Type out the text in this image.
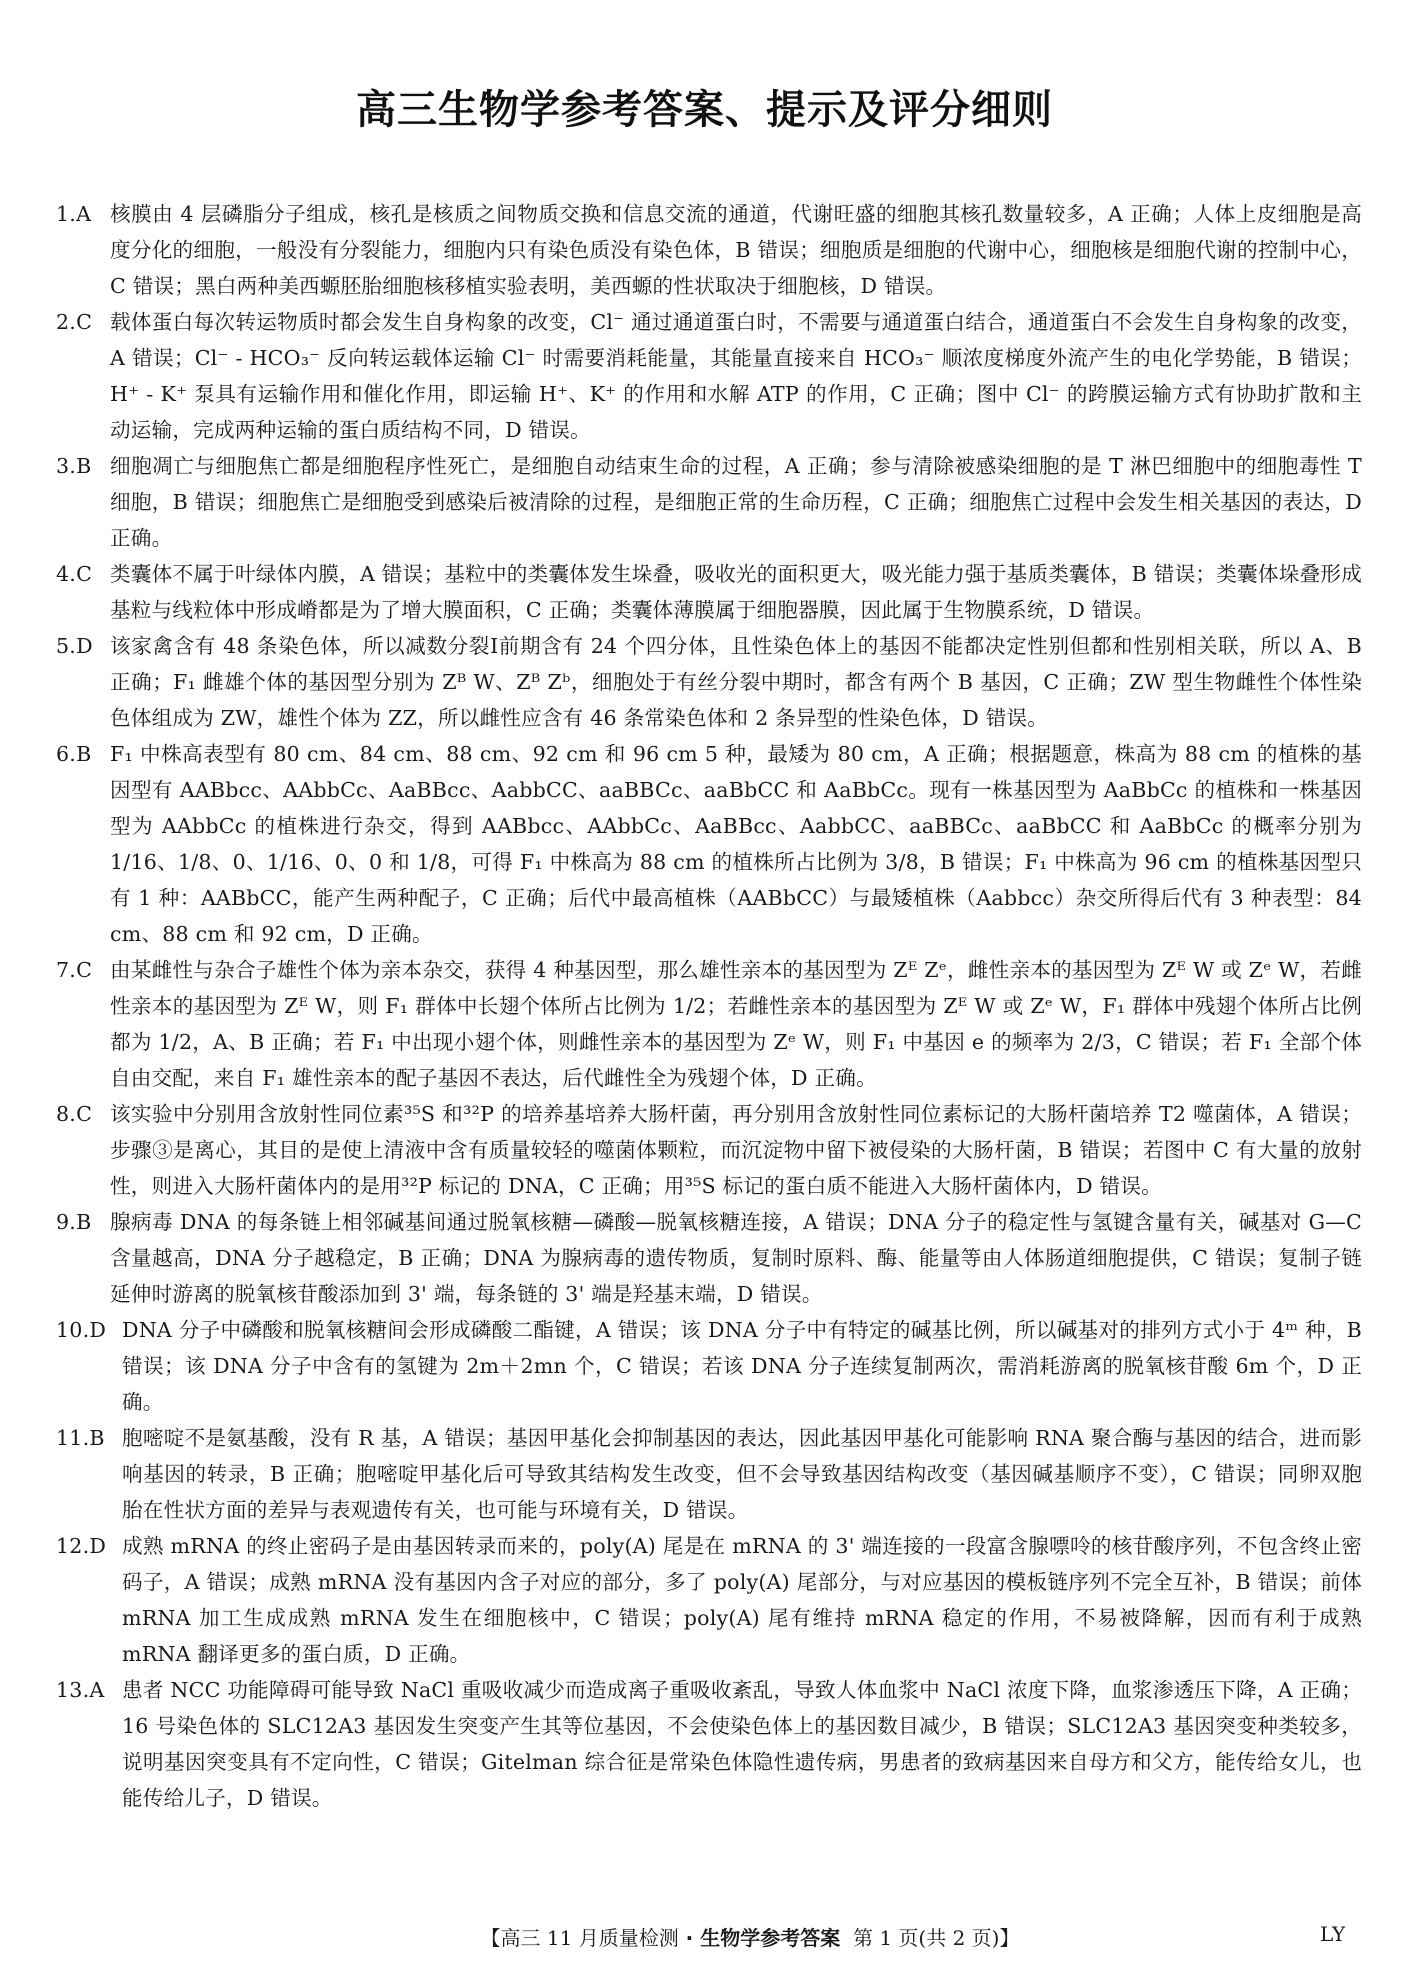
高三生物学参考答案、提示及评分细则
1.A 核膜由 4 层磷脂分子组成，核孔是核质之间物质交换和信息交流的通道，代谢旺盛的细胞其核孔数量较多，A 正确；人体上皮细胞是高度分化的细胞，一般没有分裂能力，细胞内只有染色质没有染色体，B 错误；细胞质是细胞的代谢中心，细胞核是细胞代谢的控制中心，C 错误；黑白两种美西螈胚胎细胞核移植实验表明，美西螈的性状取决于细胞核，D 错误。
2.C 载体蛋白每次转运物质时都会发生自身构象的改变，Cl⁻ 通过通道蛋白时，不需要与通道蛋白结合，通道蛋白不会发生自身构象的改变，A 错误；Cl⁻ - HCO₃⁻ 反向转运载体运输 Cl⁻ 时需要消耗能量，其能量直接来自 HCO₃⁻ 顺浓度梯度外流产生的电化学势能，B 错误；H⁺ - K⁺ 泵具有运输作用和催化作用，即运输 H⁺、K⁺ 的作用和水解 ATP 的作用，C 正确；图中 Cl⁻ 的跨膜运输方式有协助扩散和主动运输，完成两种运输的蛋白质结构不同，D 错误。
3.B 细胞凋亡与细胞焦亡都是细胞程序性死亡，是细胞自动结束生命的过程，A 正确；参与清除被感染细胞的是 T 淋巴细胞中的细胞毒性 T 细胞，B 错误；细胞焦亡是细胞受到感染后被清除的过程，是细胞正常的生命历程，C 正确；细胞焦亡过程中会发生相关基因的表达，D 正确。
4.C 类囊体不属于叶绿体内膜，A 错误；基粒中的类囊体发生垛叠，吸收光的面积更大，吸光能力强于基质类囊体，B 错误；类囊体垛叠形成基粒与线粒体中形成嵴都是为了增大膜面积，C 正确；类囊体薄膜属于细胞器膜，因此属于生物膜系统，D 错误。
5.D 该家禽含有 48 条染色体，所以减数分裂Ⅰ前期含有 24 个四分体，且性染色体上的基因不能都决定性别但都和性别相关联，所以 A、B 正确；F₁ 雌雄个体的基因型分别为 Zᴮ W、Zᴮ Zᵇ，细胞处于有丝分裂中期时，都含有两个 B 基因，C 正确；ZW 型生物雌性个体性染色体组成为 ZW，雄性个体为 ZZ，所以雌性应含有 46 条常染色体和 2 条异型的性染色体，D 错误。
6.B F₁ 中株高表型有 80 cm、84 cm、88 cm、92 cm 和 96 cm 5 种，最矮为 80 cm，A 正确；根据题意，株高为 88 cm 的植株的基因型有 AABbcc、AAbbCc、AaBBcc、AabbCC、aaBBCc、aaBbCC 和 AaBbCc。现有一株基因型为 AaBbCc 的植株和一株基因型为 AAbbCc 的植株进行杂交，得到 AABbcc、AAbbCc、AaBBcc、AabbCC、aaBBCc、aaBbCC 和 AaBbCc 的概率分别为 1/16、1/8、0、1/16、0、0 和 1/8，可得 F₁ 中株高为 88 cm 的植株所占比例为 3/8，B 错误；F₁ 中株高为 96 cm 的植株基因型只有 1 种：AABbCC，能产生两种配子，C 正确；后代中最高植株（AABbCC）与最矮植株（Aabbcc）杂交所得后代有 3 种表型：84 cm、88 cm 和 92 cm，D 正确。
7.C 由某雌性与杂合子雄性个体为亲本杂交，获得 4 种基因型，那么雄性亲本的基因型为 Zᴱ Zᵉ，雌性亲本的基因型为 Zᴱ W 或 Zᵉ W，若雌性亲本的基因型为 Zᴱ W，则 F₁ 群体中长翅个体所占比例为 1/2；若雌性亲本的基因型为 Zᴱ W 或 Zᵉ W，F₁ 群体中残翅个体所占比例都为 1/2，A、B 正确；若 F₁ 中出现小翅个体，则雌性亲本的基因型为 Zᵉ W，则 F₁ 中基因 e 的频率为 2/3，C 错误；若 F₁ 全部个体自由交配，来自 F₁ 雄性亲本的配子基因不表达，后代雌性全为残翅个体，D 正确。
8.C 该实验中分别用含放射性同位素³⁵S 和³²P 的培养基培养大肠杆菌，再分别用含放射性同位素标记的大肠杆菌培养 T2 噬菌体，A 错误；步骤③是离心，其目的是使上清液中含有质量较轻的噬菌体颗粒，而沉淀物中留下被侵染的大肠杆菌，B 错误；若图中 C 有大量的放射性，则进入大肠杆菌体内的是用³²P 标记的 DNA，C 正确；用³⁵S 标记的蛋白质不能进入大肠杆菌体内，D 错误。
9.B 腺病毒 DNA 的每条链上相邻碱基间通过脱氧核糖—磷酸—脱氧核糖连接，A 错误；DNA 分子的稳定性与氢键含量有关，碱基对 G—C 含量越高，DNA 分子越稳定，B 正确；DNA 为腺病毒的遗传物质，复制时原料、酶、能量等由人体肠道细胞提供，C 错误；复制子链延伸时游离的脱氧核苷酸添加到 3' 端，每条链的 3' 端是羟基末端，D 错误。
10.D DNA 分子中磷酸和脱氧核糖间会形成磷酸二酯键，A 错误；该 DNA 分子中有特定的碱基比例，所以碱基对的排列方式小于 4ᵐ 种，B 错误；该 DNA 分子中含有的氢键为 2m＋2mn 个，C 错误；若该 DNA 分子连续复制两次，需消耗游离的脱氧核苷酸 6m 个，D 正确。
11.B 胞嘧啶不是氨基酸，没有 R 基，A 错误；基因甲基化会抑制基因的表达，因此基因甲基化可能影响 RNA 聚合酶与基因的结合，进而影响基因的转录，B 正确；胞嘧啶甲基化后可导致其结构发生改变，但不会导致基因结构改变（基因碱基顺序不变），C 错误；同卵双胞胎在性状方面的差异与表观遗传有关，也可能与环境有关，D 错误。
12.D 成熟 mRNA 的终止密码子是由基因转录而来的，poly(A) 尾是在 mRNA 的 3' 端连接的一段富含腺嘌呤的核苷酸序列，不包含终止密码子，A 错误；成熟 mRNA 没有基因内含子对应的部分，多了 poly(A) 尾部分，与对应基因的模板链序列不完全互补，B 错误；前体 mRNA 加工生成成熟 mRNA 发生在细胞核中，C 错误；poly(A) 尾有维持 mRNA 稳定的作用，不易被降解，因而有利于成熟 mRNA 翻译更多的蛋白质，D 正确。
13.A 患者 NCC 功能障碍可能导致 NaCl 重吸收减少而造成离子重吸收紊乱，导致人体血浆中 NaCl 浓度下降，血浆渗透压下降，A 正确；16 号染色体的 SLC12A3 基因发生突变产生其等位基因，不会使染色体上的基因数目减少，B 错误；SLC12A3 基因突变种类较多，说明基因突变具有不定向性，C 错误；Gitelman 综合征是常染色体隐性遗传病，男患者的致病基因来自母方和父方，能传给女儿，也能传给儿子，D 错误。
【高三 11 月质量检测 · 生物学参考答案  第 1 页(共 2 页)】	LY
